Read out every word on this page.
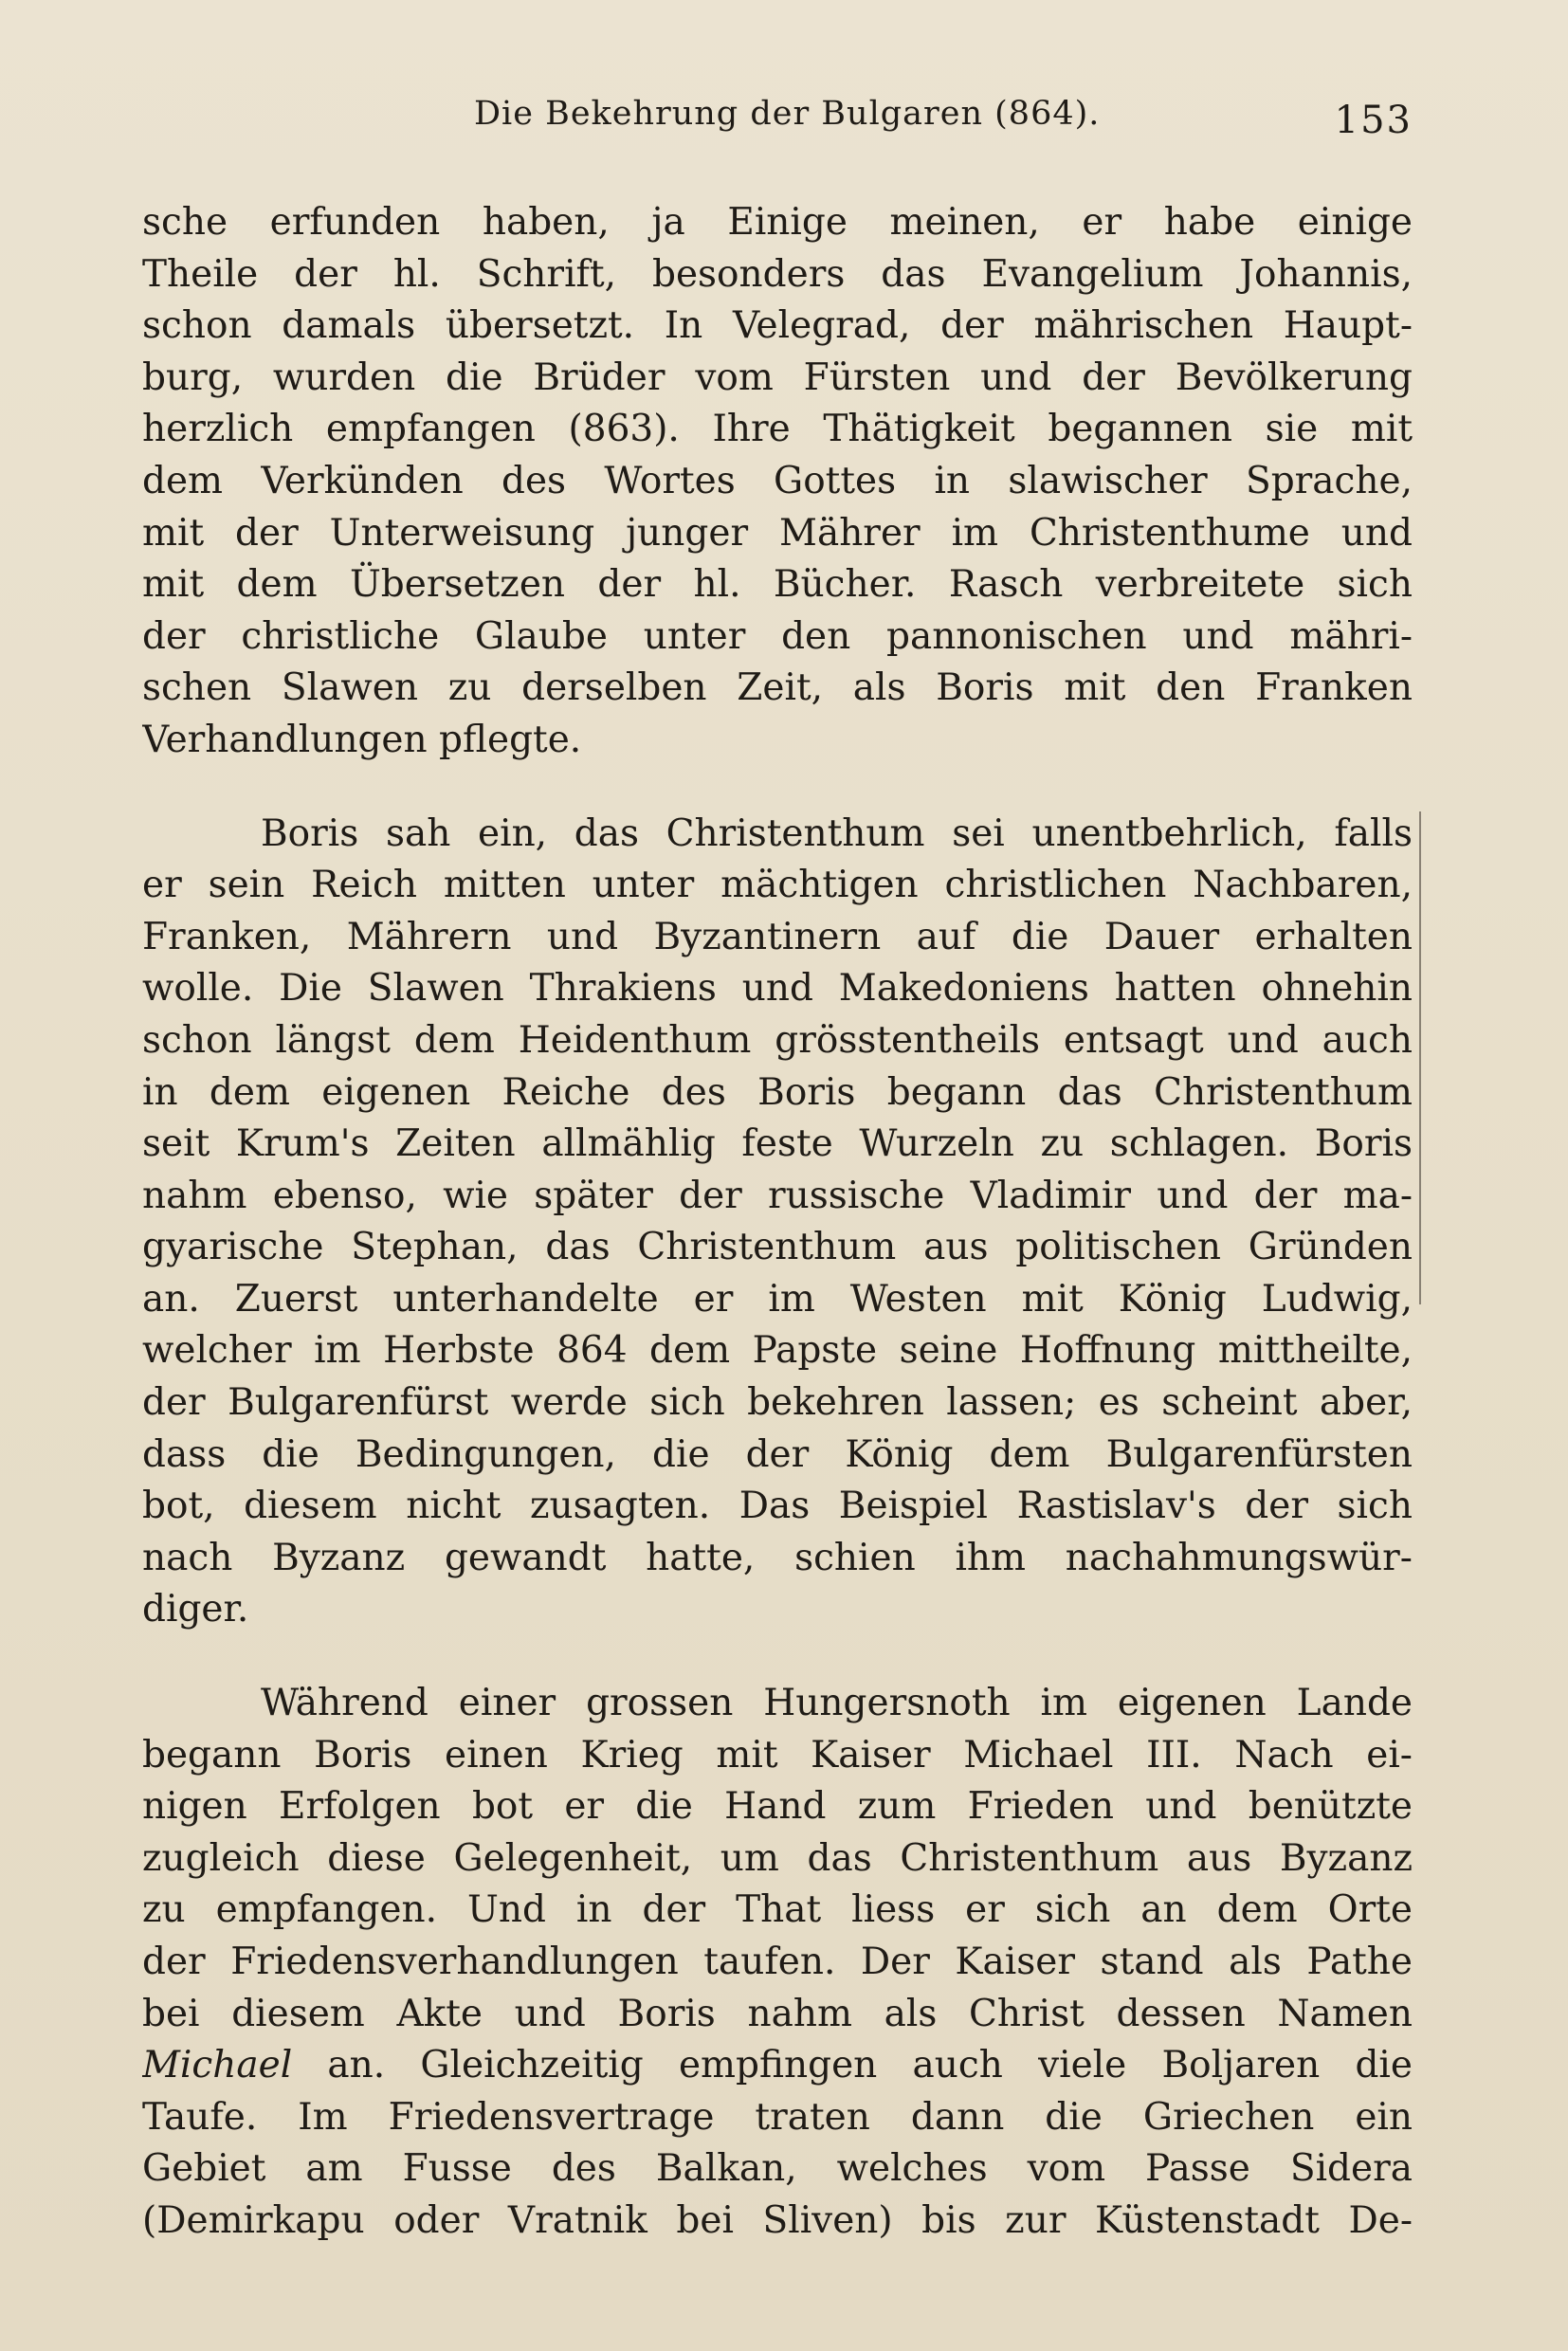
Die Bekehrung der Bulgaren (864).	153
sche erfunden haben, ja Einige meinen, er habe einige
Theile der hl. Schrift, besonders das Evangelium Johannis,
schon damals übersetzt. In Velegrad, der mährischen Haupt-
burg, wurden die Brüder vom Fürsten und der Bevölkerung
herzlich empfangen (863). Ihre Thätigkeit begannen sie mit
dem Verkünden des Wortes Gottes in slawischer Sprache,
mit der Unterweisung junger Mährer im Christenthume und
mit dem Übersetzen der hl. Bücher. Rasch verbreitete sich
der christliche Glaube unter den pannonischen und mähri-
schen Slawen zu derselben Zeit, als Boris mit den Franken
Verhandlungen pflegte.
Boris sah ein, das Christenthum sei unentbehrlich, falls
er sein Reich mitten unter mächtigen christlichen Nachbaren,
Franken, Mährern und Byzantinern auf die Dauer erhalten
wolle. Die Slawen Thrakiens und Makedoniens hatten ohnehin
schon längst dem Heidenthum grösstentheils entsagt und auch
in dem eigenen Reiche des Boris begann das Christenthum
seit Krum's Zeiten allmählig feste Wurzeln zu schlagen. Boris
nahm ebenso, wie später der russische Vladimir und der ma-
gyarische Stephan, das Christenthum aus politischen Gründen
an. Zuerst unterhandelte er im Westen mit König Ludwig,
welcher im Herbste 864 dem Papste seine Hoffnung mittheilte,
der Bulgarenfürst werde sich bekehren lassen; es scheint aber,
dass die Bedingungen, die der König dem Bulgarenfürsten
bot, diesem nicht zusagten. Das Beispiel Rastislav's der sich
nach Byzanz gewandt hatte, schien ihm nachahmungswür-
diger.
Während einer grossen Hungersnoth im eigenen Lande
begann Boris einen Krieg mit Kaiser Michael III. Nach ei-
nigen Erfolgen bot er die Hand zum Frieden und benützte
zugleich diese Gelegenheit, um das Christenthum aus Byzanz
zu empfangen. Und in der That liess er sich an dem Orte
der Friedensverhandlungen taufen. Der Kaiser stand als Pathe
bei diesem Akte und Boris nahm als Christ dessen Namen
Michael an. Gleichzeitig empfingen auch viele Boljaren die
Taufe. Im Friedensvertrage traten dann die Griechen ein
Gebiet am Fusse des Balkan, welches vom Passe Sidera
(Demirkapu oder Vratnik bei Sliven) bis zur Küstenstadt De-
